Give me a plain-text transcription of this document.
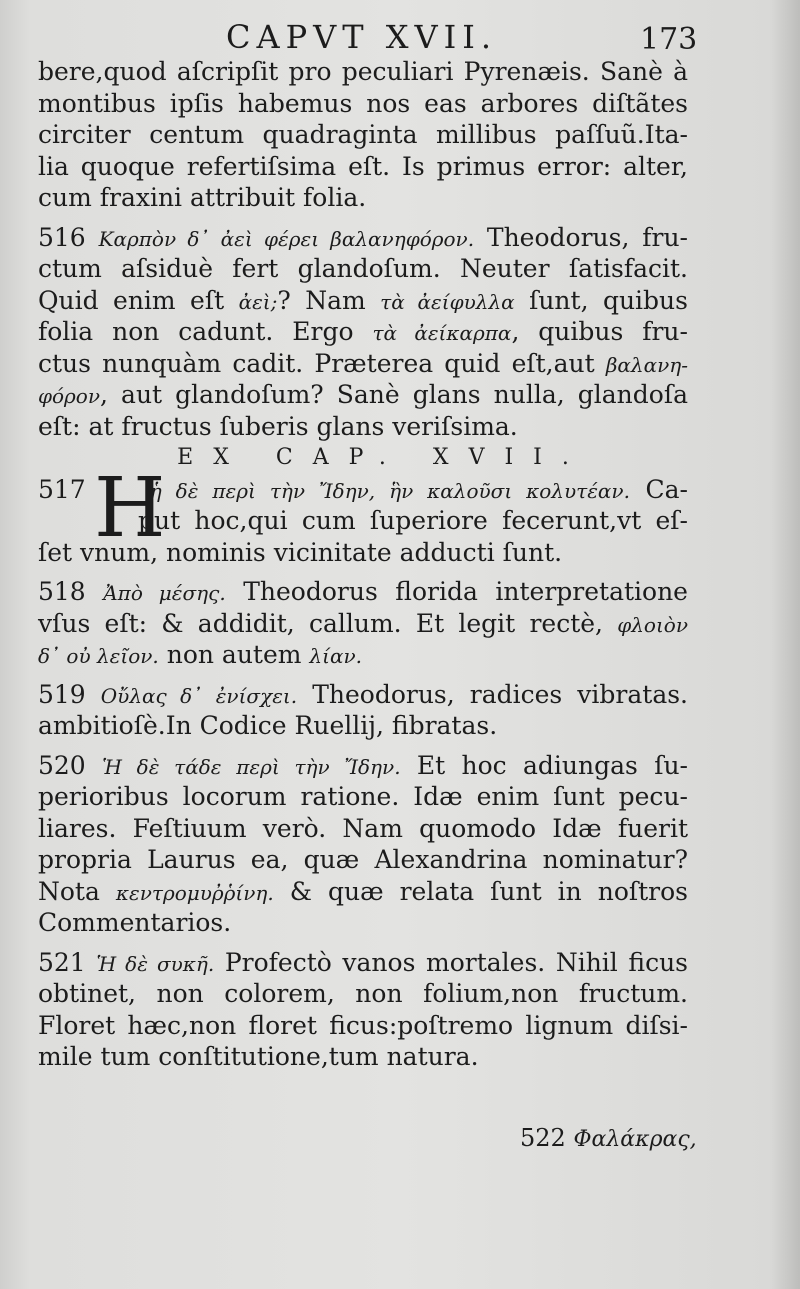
CAPVT XVII.	173
bere,quod aſcripſit pro peculiari Pyrenæis. Sanè à
montibus ipſis habemus nos eas arbores diſtãtes
circiter centum quadraginta millibus paſſuũ.Ita-
lia quoque refertiſsima eſt. Is primus error: alter,
cum fraxini attribuit folia.
516 Καρπὸν δ᾽ ἀεὶ φέρει βαλανηφόρον. Theodorus, fru-
ctum aſsiduè fert glandoſum. Neuter ſatisfacit.
Quid enim eſt ἀεὶ;? Nam τὰ ἀείφυλλα ſunt, quibus
folia non cadunt. Ergo τὰ ἀείκαρπα, quibus fru-
ctus nunquàm cadit. Præterea quid eſt,aut βαλανη-
φόρον, aut glandoſum? Sanè glans nulla, glandoſa
eſt: at fructus ſuberis glans veriſsima.
EX CAP. XVII.
H
517	ἡ δὲ περὶ τὴν Ἴδην, ἣν καλοῦσι κολυτέαν. Ca-
put hoc,qui cum ſuperiore fecerunt,vt eſ-
ſet vnum, nominis vicinitate adducti ſunt.
518 Ἀπὸ μέσης. Theodorus florida interpretatione
vſus eſt: & addidit, callum. Et legit rectè, φλοιὸν
δ᾽ οὐ λεῖον. non autem λίαν.
519 Οὔλας δ᾽ ἐνίσχει. Theodorus, radices vibratas.
ambitioſè.In Codice Ruellij, fibratas.
520 Ἡ δὲ τάδε περὶ τὴν Ἴδην. Et hoc adiungas ſu-
perioribus locorum ratione. Idæ enim ſunt pecu-
liares. Feſtiuum verò. Nam quomodo Idæ fuerit
propria Laurus ea, quæ Alexandrina nominatur?
Nota κεντρομυῤῥίνη. & quæ relata ſunt in noſtros
Commentarios.
521 Ἡ δὲ συκῆ. Profectò vanos mortales. Nihil ficus
obtinet, non colorem, non folium,non fructum.
Floret hæc,non floret ficus:poſtremo lignum diſsi-
mile tum conſtitutione,tum natura.
522 Φαλάκρας,
